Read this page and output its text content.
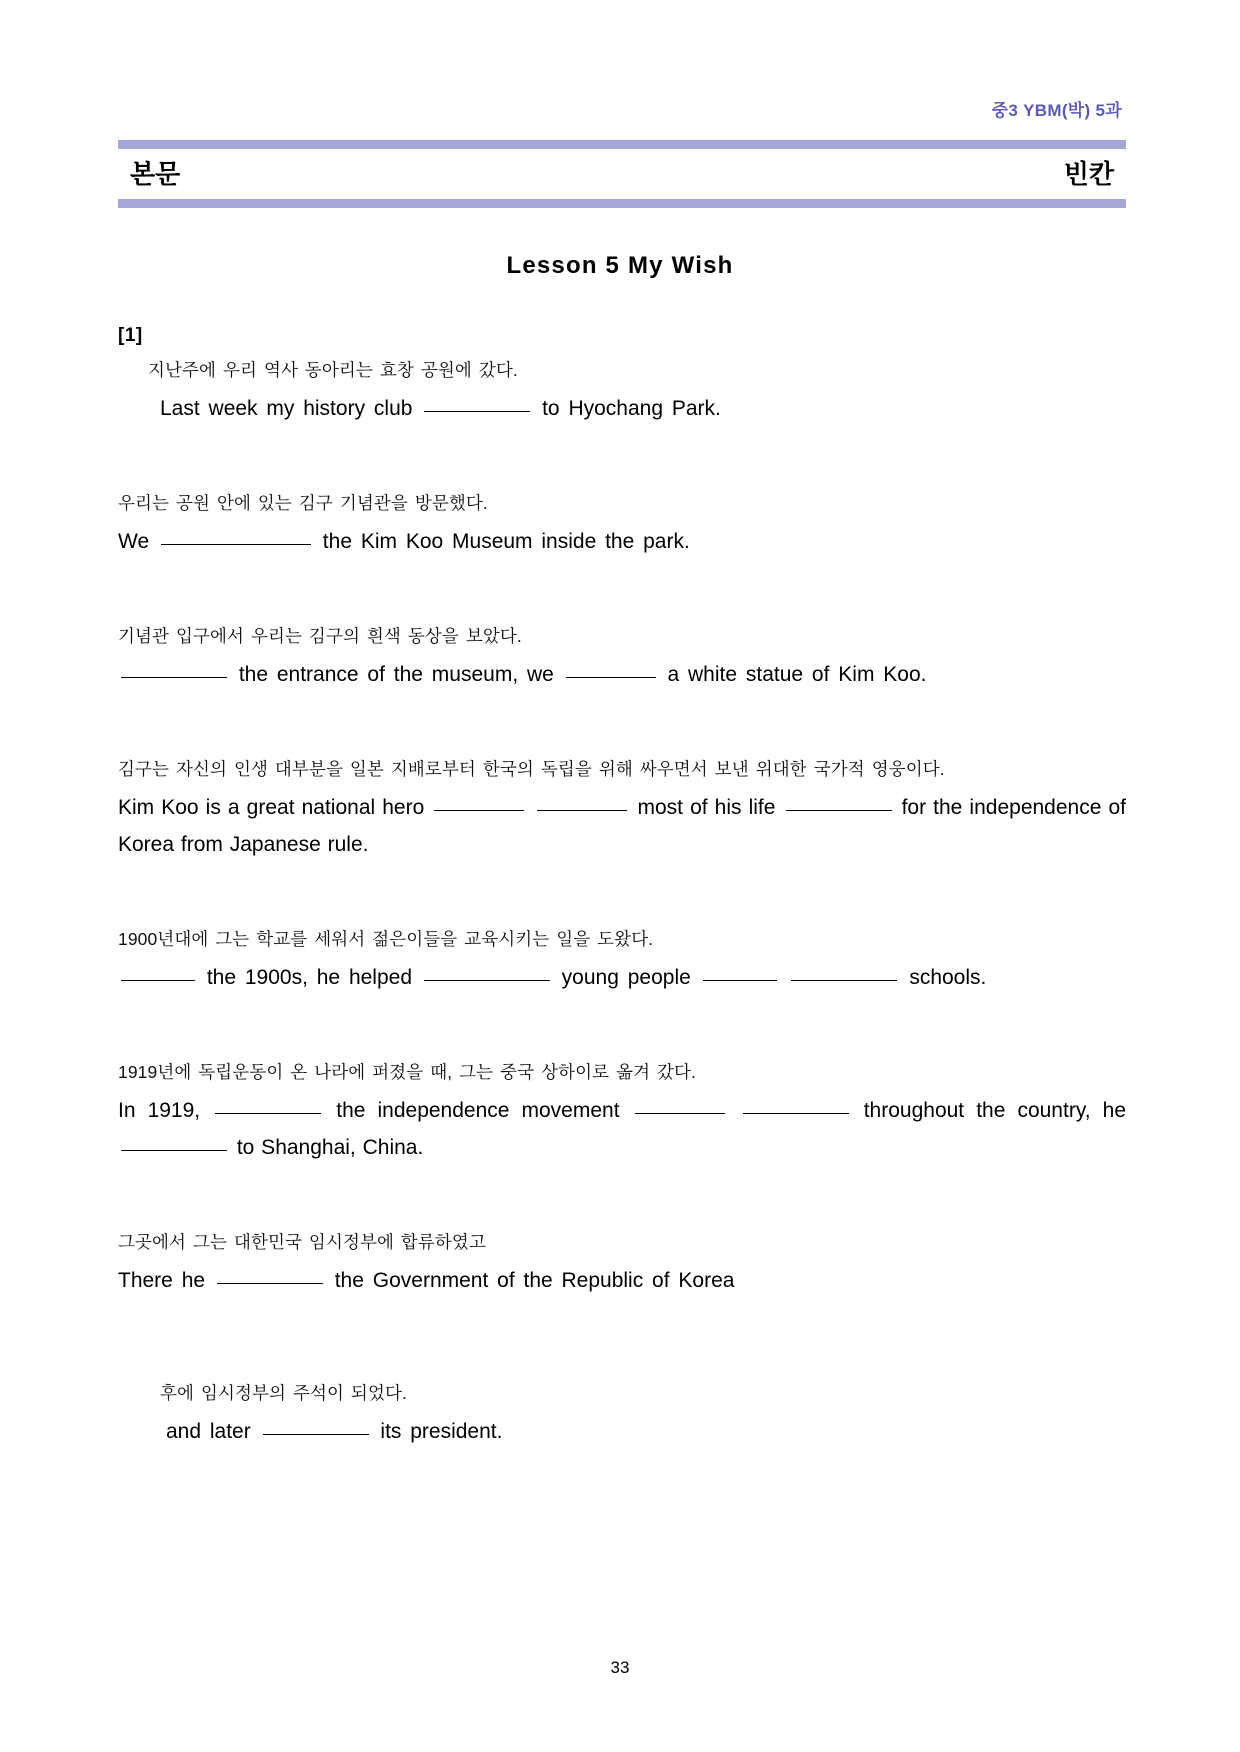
중3 YBM(박) 5과
본문	빈칸
Lesson 5 My Wish
[1]

지난주에 우리 역사 동아리는 효창 공원에 갔다.

Last week my history club	to Hyochang Park.

우리는 공원 안에 있는 김구 기념관을 방문했다.

We	the Kim Koo Museum inside the park.

기념관 입구에서 우리는 김구의 흰색 동상을 보았다.

the entrance of the museum, we	a white statue of Kim Koo.

김구는 자신의 인생 대부분을 일본 지배로부터 한국의 독립을 위해 싸우면서 보낸 위대한 국가적 영웅이다.

Kim Koo is a great national hero	most of his life	for the independence of Korea from Japanese rule.

1900년대에 그는 학교를 세워서 젊은이들을 교육시키는 일을 도왔다.

the 1900s, he helped	young people	schools.

1919년에 독립운동이 온 나라에 퍼졌을 때, 그는 중국 상하이로 옮겨 갔다.

In 1919,	the independence movement	throughout the country, he  to Shanghai, China.

그곳에서 그는 대한민국 임시정부에 합류하였고

There he	the Government of the Republic of Korea

후에 임시정부의 주석이 되었다.

and later	its president.

33
